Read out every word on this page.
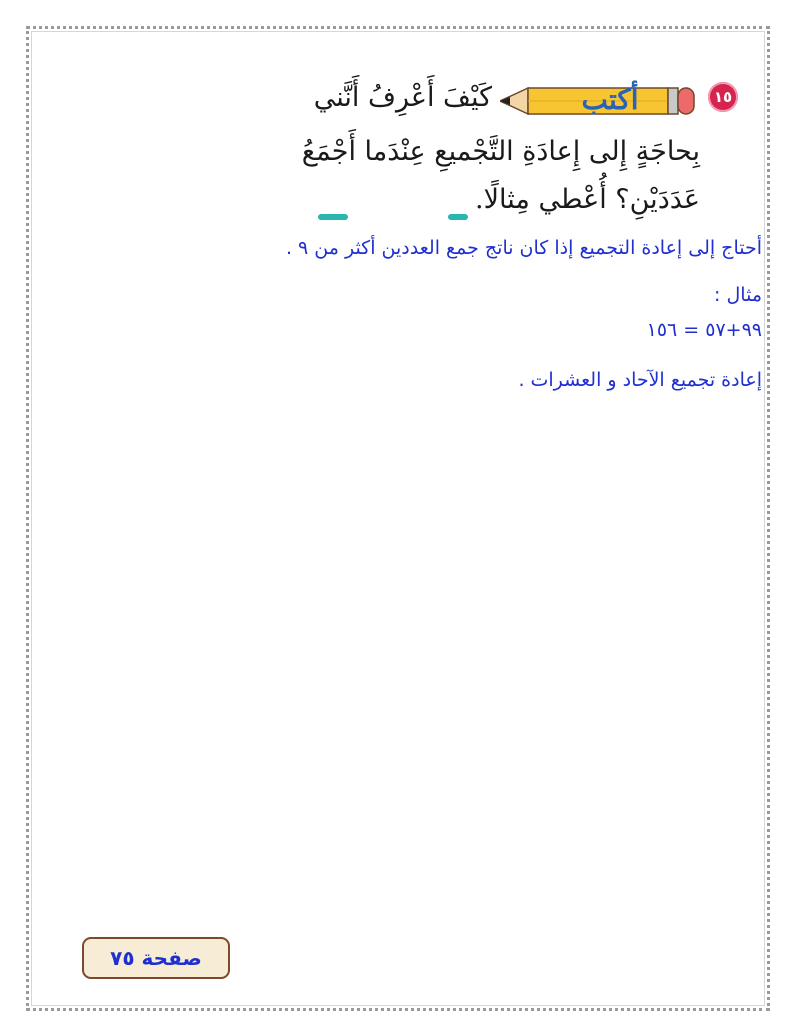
١٥
أكتب
كَيْفَ أَعْرِفُ أَنَّني
بِحاجَةٍ إِلى إِعادَةِ التَّجْميعِ عِنْدَما أَجْمَعُ
عَدَدَيْنِ؟ أُعْطي مِثالًا.
أحتاج إلى إعادة التجميع إذا كان ناتج جمع العددين أكثر من ٩ .
مثال :
٩٩+٥٧ = ١٥٦
إعادة تجميع الآحاد و العشرات .
صفحة ٧٥
